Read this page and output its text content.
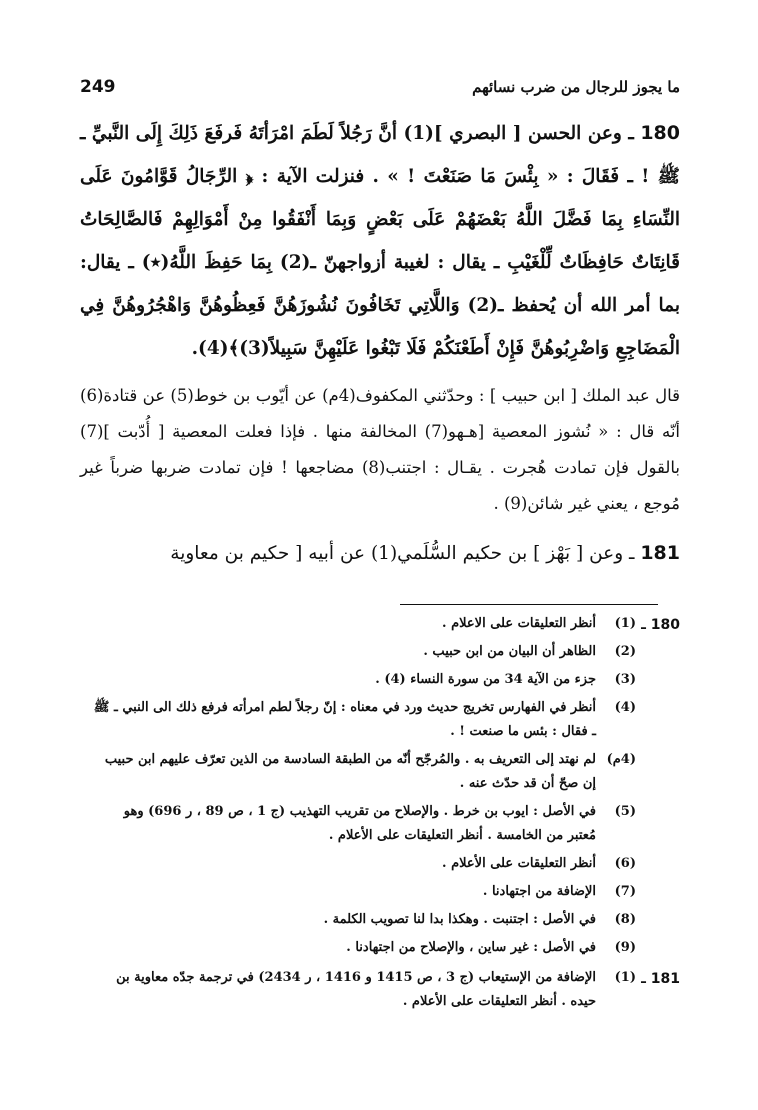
249	ما يجوز للرجال من ضرب نسائهم

180 ـ وعن الحسن [ البصري ](1) أنَّ رَجُلاً لَطَمَ امْرَأتَهُ فَرفَعَ ذَلِكَ إِلَى النَّبيِّ ـ ﷺ ! ـ فَقَالَ : « بِئْسَ مَا صَنَعْتَ ! » . فنزلت الآية : ﴿ الرِّجَالُ قَوَّامُونَ عَلَى النِّسَاءِ بِمَا فَضَّلَ اللَّهُ بَعْضَهُمْ عَلَى بَعْضٍ وَبِمَا أَنْفَقُوا مِنْ أَمْوَالِهِمْ فَالصَّالِحَاتُ قَانِتَاتٌ حَافِظَاتٌ لِّلْغَيْبِ ـ يقال : لغيبة أزواجهنّ ـ(2) بِمَا حَفِظَ اللَّهُ(٭) ـ يقال: بما أمر الله أن يُحفظ ـ(2) وَاللَّاتِي تَخَافُونَ نُشُوزَهُنَّ فَعِظُوهُنَّ وَاهْجُرُوهُنَّ فِي الْمَضَاجِعِ وَاضْرِبُوهُنَّ فَإِنْ أَطَعْنَكُمْ فَلَا تَبْغُوا عَلَيْهِنَّ سَبِيلاً(3)﴾(4).

قال عبد الملك [ ابن حبيب ] : وحدّثني المكفوف(4م) عن أيّوب بن خوط(5) عن قتادة(6) أنّه قال : « نُشوز المعصية [هـهو(7) المخالفة منها . فإذا فعلت المعصية [ أُدّبت ](7) بالقول فإن تمادت هُجرت . يقـال : اجتنب(8) مضاجعها ! فإن تمادت ضربها ضرباً غير مُوجع ، يعني غير شائن(9) .

181 ـ وعن [ بَهْز ] بن حكيم السُّلَمي(1) عن أبيه [ حكيم بن معاوية

180 ـ
(1)
أنظر التعليقات على الاعلام .
(2)
الظاهر أن البيان من ابن حبيب .
(3)
جزء من الآية 34 من سورة النساء (4) .
(4)
أنظر في الفهارس تخريج حديث ورد في معناه : إنّ رجلاً لطم امرأته فرفع ذلك الى النبي ـ ﷺ ـ فقال : بئس ما صنعت ! .
(4م)
لم نهتد إلى التعريف به . والمُرجّح أنّه من الطبقة السادسة من الذين تعرّف عليهم ابن حبيب إن صحّ أن قد حدّث عنه .
(5)
في الأصل : ايوب بن خرط . والإصلاح من تقريب التهذيب (ج 1 ، ص 89 ، ر 696) وهو مُعتبر من الخامسة . أنظر التعليقات على الأعلام .
(6)
أنظر التعليقات على الأعلام .
(7)
الإضافة من اجتهادنا .
(8)
في الأصل : اجتنبت . وهكذا بدا لنا تصويب الكلمة .
(9)
في الأصل : غير ساين ، والإصلاح من اجتهادنا .
181 ـ
(1)
الإضافة من الإستيعاب (ج 3 ، ص 1415 و 1416 ، ر 2434) في ترجمة جدّه معاوية بن حيده . أنظر التعليقات على الأعلام .
